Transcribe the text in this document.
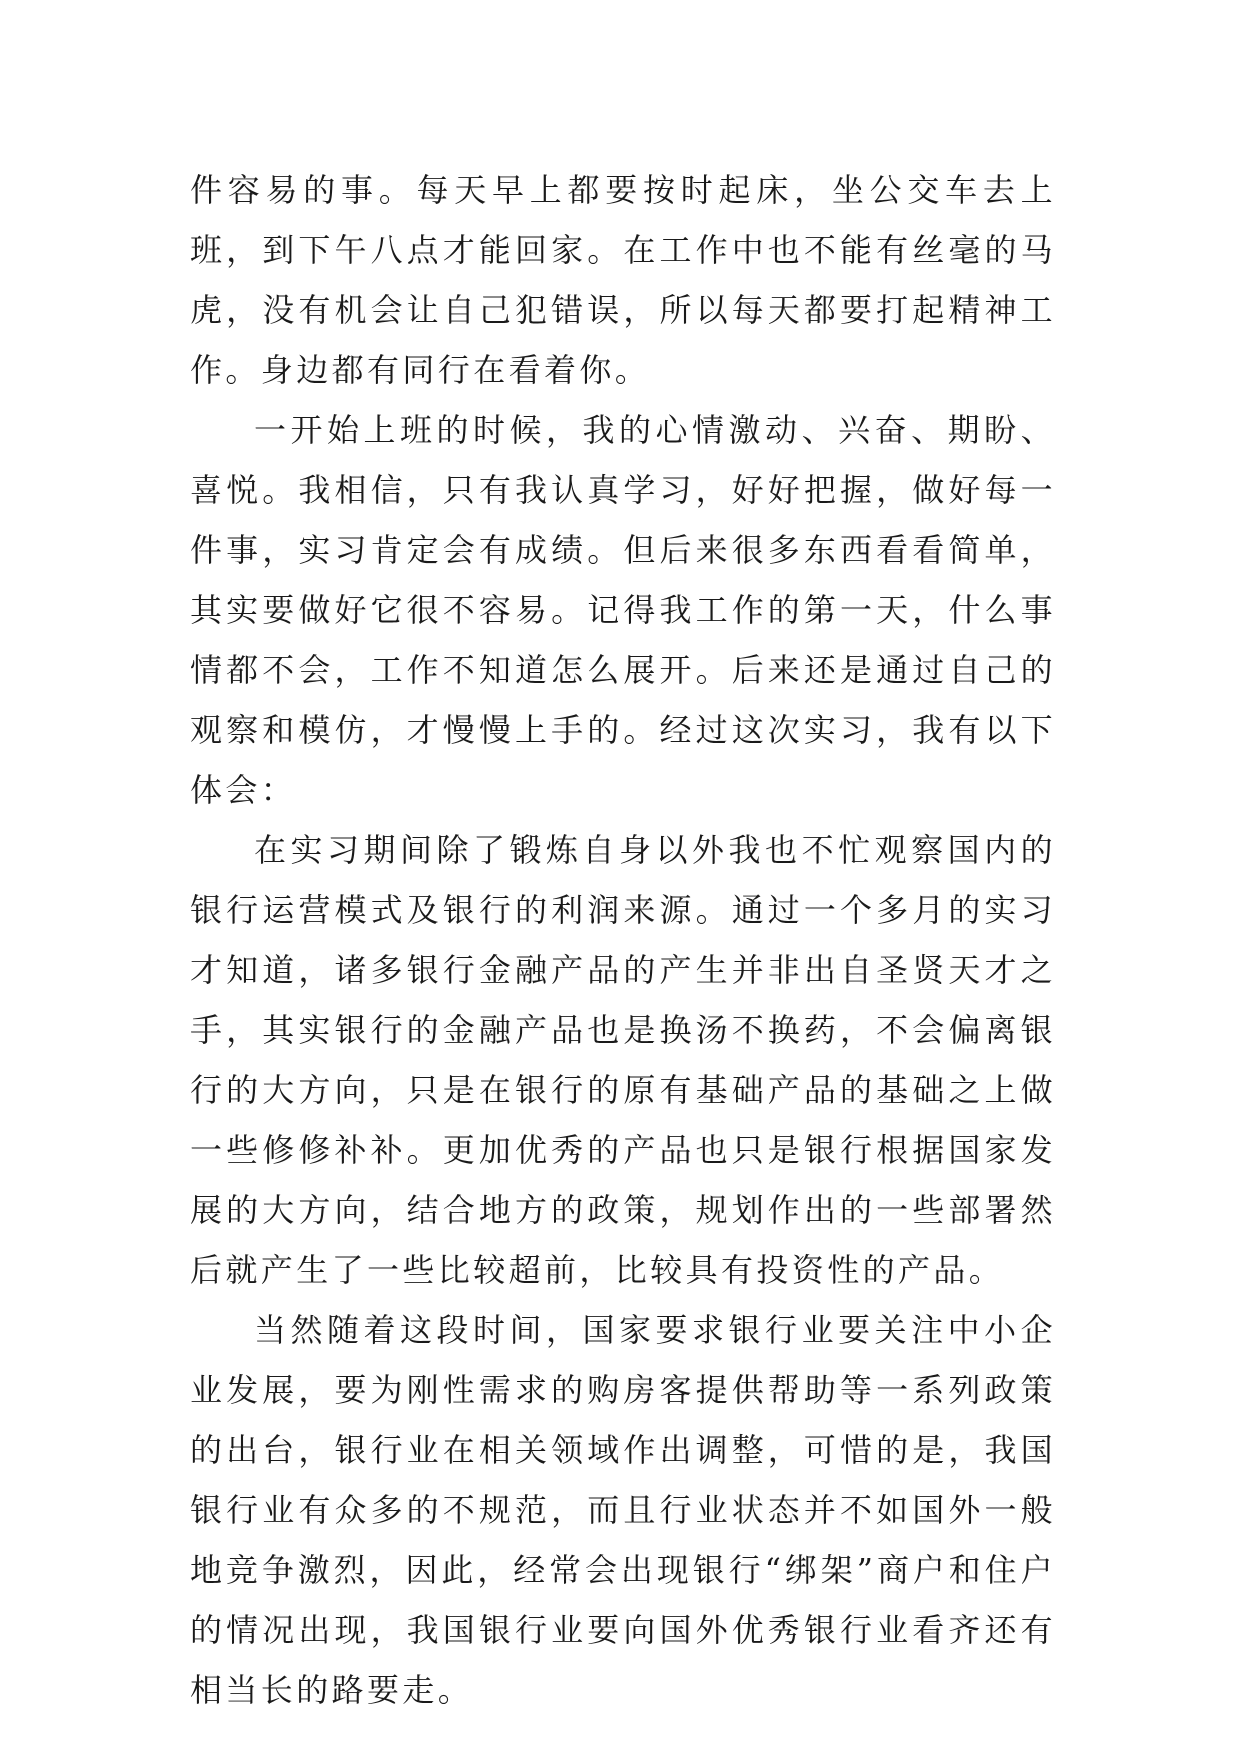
件容易的事。每天早上都要按时起床，坐公交车去上班，到下午八点才能回家。在工作中也不能有丝毫的马虎，没有机会让自己犯错误，所以每天都要打起精神工作。身边都有同行在看着你。

一开始上班的时候，我的心情激动、兴奋、期盼、喜悦。我相信，只有我认真学习，好好把握，做好每一件事，实习肯定会有成绩。但后来很多东西看看简单，其实要做好它很不容易。记得我工作的第一天，什么事情都不会，工作不知道怎么展开。后来还是通过自己的观察和模仿，才慢慢上手的。经过这次实习，我有以下体会：

在实习期间除了锻炼自身以外我也不忙观察国内的银行运营模式及银行的利润来源。通过一个多月的实习才知道，诸多银行金融产品的产生并非出自圣贤天才之手，其实银行的金融产品也是换汤不换药，不会偏离银行的大方向，只是在银行的原有基础产品的基础之上做一些修修补补。更加优秀的产品也只是银行根据国家发展的大方向，结合地方的政策，规划作出的一些部署然后就产生了一些比较超前，比较具有投资性的产品。

当然随着这段时间，国家要求银行业要关注中小企业发展，要为刚性需求的购房客提供帮助等一系列政策的出台，银行业在相关领域作出调整，可惜的是，我国银行业有众多的不规范，而且行业状态并不如国外一般地竞争激烈，因此，经常会出现银行“绑架”商户和住户的情况出现，我国银行业要向国外优秀银行业看齐还有相当长的路要走。
